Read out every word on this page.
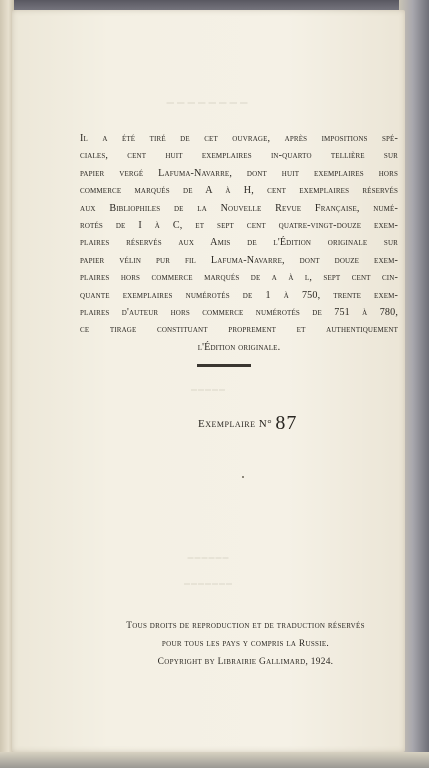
⎯⎯⎯⎯⎯⎯⎯⎯
⎯⎯⎯⎯⎯
⎯⎯⎯⎯⎯⎯
⎯⎯⎯⎯⎯⎯⎯
Il a été tiré de cet ouvrage, après impositions spé-
ciales, cent huit exemplaires in-quarto tellière sur
papier vergé Lafuma-Navarre, dont huit exemplaires hors
commerce marqués de A à H, cent exemplaires réservés
aux Bibliophiles de la Nouvelle Revue Française, numé-
rotés de I à C, et sept cent quatre-vingt-douze exem-
plaires réservés aux Amis de l'Édition originale sur
papier vélin pur fil Lafuma-Navarre, dont douze exem-
plaires hors commerce marqués de a à l, sept cent cin-
quante exemplaires numérotés de 1 à 750, trente exem-
plaires d'auteur hors commerce numérotés de 751 à 780,
ce tirage constituant proprement et authentiquement
l'Édition originale.
Exemplaire N° 87
Tous droits de reproduction et de traduction réservés
pour tous les pays y compris la Russie.
Copyright by Librairie Gallimard, 1924.
